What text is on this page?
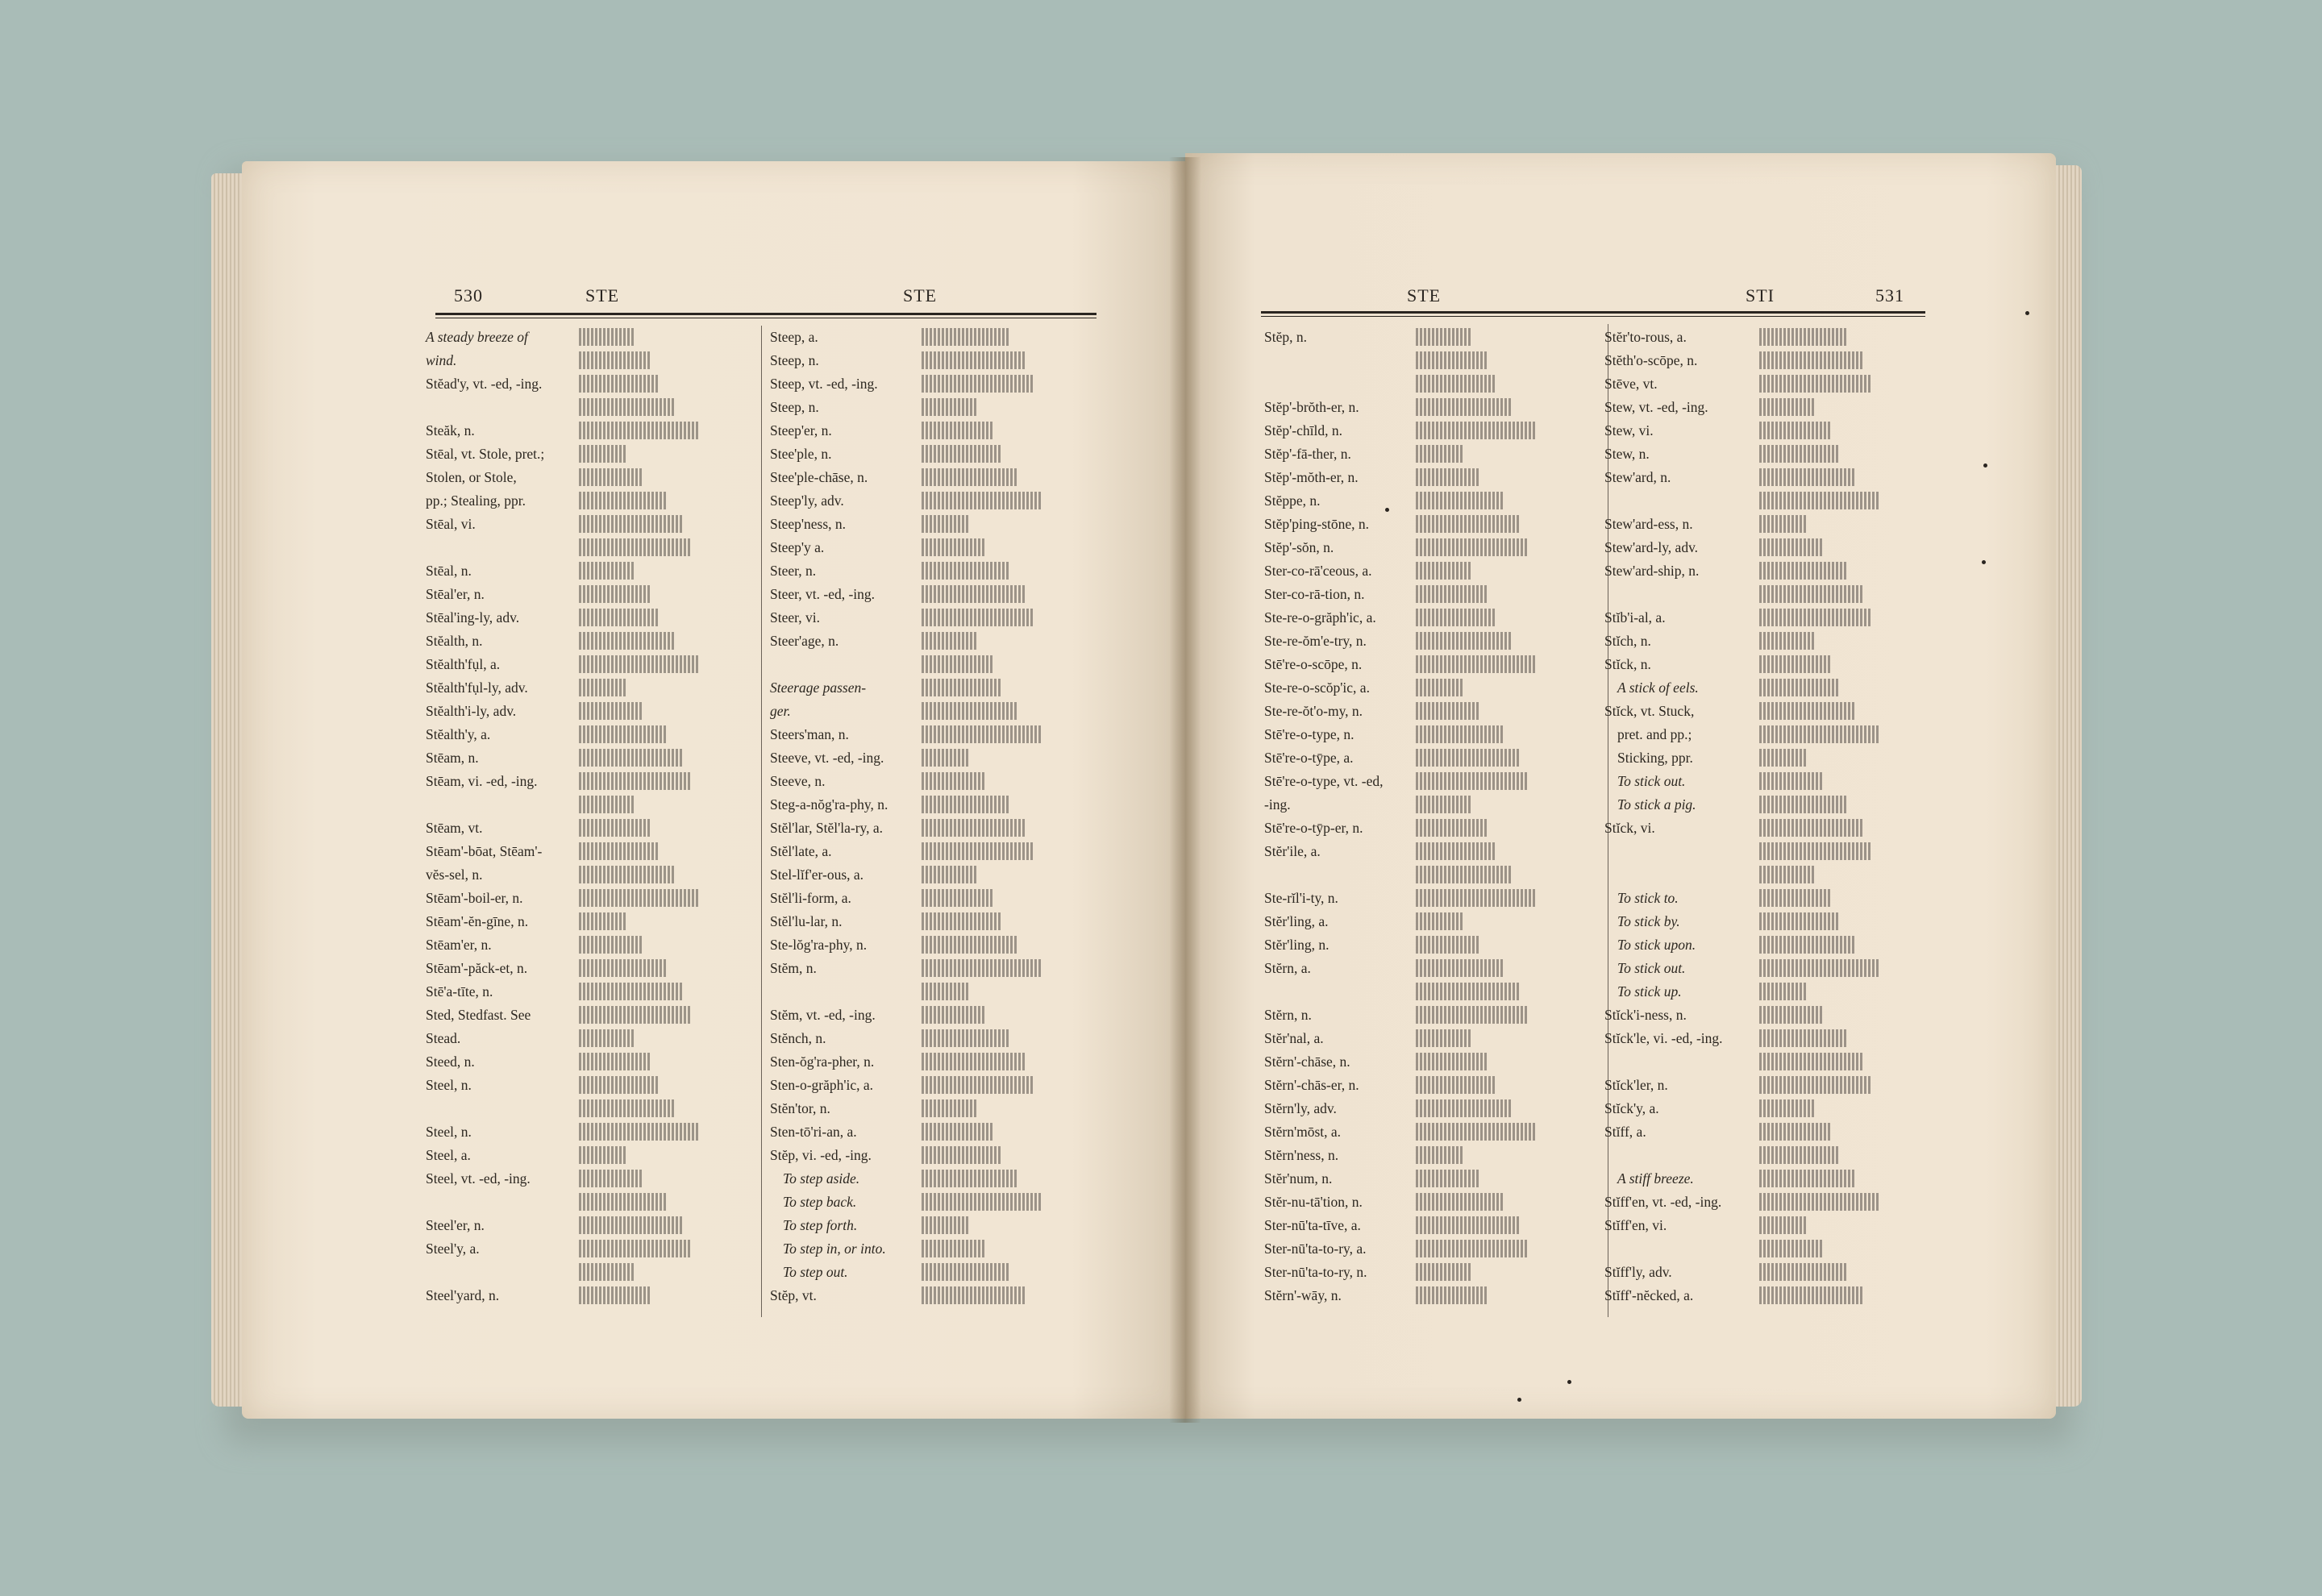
530	STE	STE	STE	STI	531
A steady breeze of
wind.
Stĕad'y, vt. -ed, -ing.
Steăk, n.
Stēal, vt. Stole, pret.;
Stolen, or Stole,
pp.; Stealing, ppr.
Stēal, vi.
Stēal, n.
Stēal'er, n.
Stēal'ing-ly, adv.
Stĕalth, n.
Stĕalth'fụl, a.
Stĕalth'fụl-ly, adv.
Stĕalth'i-ly, adv.
Stĕalth'y, a.
Stēam, n.
Stēam, vi. -ed, -ing.
Stēam, vt.
Stēam'-bōat, Stēam'-
vĕs-sel, n.
Stēam'-boil-er, n.
Stēam'-ĕn-gīne, n.
Stēam'er, n.
Stēam'-păck-et, n.
Stē'a-tīte, n.
Sted, Stedfast. See
Stead.
Steed, n.
Steel, n.
Steel, n.
Steel, a.
Steel, vt. -ed, -ing.
Steel'er, n.
Steel'y, a.
Steel'yard, n.
Steep, a.
Steep, n.
Steep, vt. -ed, -ing.
Steep, n.
Steep'er, n.
Stee'ple, n.
Stee'ple-chāse, n.
Steep'ly, adv.
Steep'ness, n.
Steep'y a.
Steer, n.
Steer, vt. -ed, -ing.
Steer, vi.
Steer'age, n.
Steerage passen-
ger.
Steers'man, n.
Steeve, vt. -ed, -ing.
Steeve, n.
Steg-a-nŏg'ra-phy, n.
Stĕl'lar, Stĕl'la-ry, a.
Stĕl'late, a.
Stel-lĭf'er-ous, a.
Stĕl'li-form, a.
Stĕl'lu-lar, n.
Ste-lŏg'ra-phy, n.
Stĕm, n.
Stĕm, vt. -ed, -ing.
Stĕnch, n.
Sten-ŏg'ra-pher, n.
Sten-o-grăph'ic, a.
Stĕn'tor, n.
Sten-tō'ri-an, a.
Stĕp, vi. -ed, -ing.
To step aside.
To step back.
To step forth.
To step in, or into.
To step out.
Stĕp, vt.
Stĕp, n.
Stĕp'-brŏth-er, n.
Stĕp'-chīld, n.
Stĕp'-fā-ther, n.
Stĕp'-mŏth-er, n.
Stĕppe, n.
Stĕp'ping-stōne, n.
Stĕp'-sŏn, n.
Ster-co-rā'ceous, a.
Ster-co-rā-tion, n.
Ste-re-o-grăph'ic, a.
Ste-re-ŏm'e-try, n.
Stē're-o-scōpe, n.
Ste-re-o-scŏp'ic, a.
Ste-re-ŏt'o-my, n.
Stē're-o-type, n.
Stē're-o-tȳpe, a.
Stē're-o-type, vt. -ed,
-ing.
Stē're-o-tȳp-er, n.
Stĕr'ile, a.
Ste-rĭl'i-ty, n.
Stĕr'ling, a.
Stĕr'ling, n.
Stĕrn, a.
Stĕrn, n.
Stĕr'nal, a.
Stĕrn'-chāse, n.
Stĕrn'-chās-er, n.
Stĕrn'ly, adv.
Stĕrn'mōst, a.
Stĕrn'ness, n.
Stĕr'num, n.
Stĕr-nu-tā'tion, n.
Ster-nū'ta-tīve, a.
Ster-nū'ta-to-ry, a.
Ster-nū'ta-to-ry, n.
Stĕrn'-wāy, n.
Stĕr'to-rous, a.
Stĕth'o-scōpe, n.
Stēve, vt.
Stew, vt. -ed, -ing.
Stew, vi.
Stew, n.
Stew'ard, n.
Stew'ard-ess, n.
Stew'ard-ly, adv.
Stew'ard-ship, n.
Stĭb'i-al, a.
Stĭch, n.
Stĭck, n.
A stick of eels.
Stĭck, vt. Stuck,
pret. and pp.;
Sticking, ppr.
To stick out.
To stick a pig.
Stĭck, vi.
To stick to.
To stick by.
To stick upon.
To stick out.
To stick up.
Stĭck'i-ness, n.
Stĭck'le, vi. -ed, -ing.
Stĭck'ler, n.
Stĭck'y, a.
Stĭff, a.
A stiff breeze.
Stĭff'en, vt. -ed, -ing.
Stĭff'en, vi.
Stĭff'ly, adv.
Stĭff'-nĕcked, a.
